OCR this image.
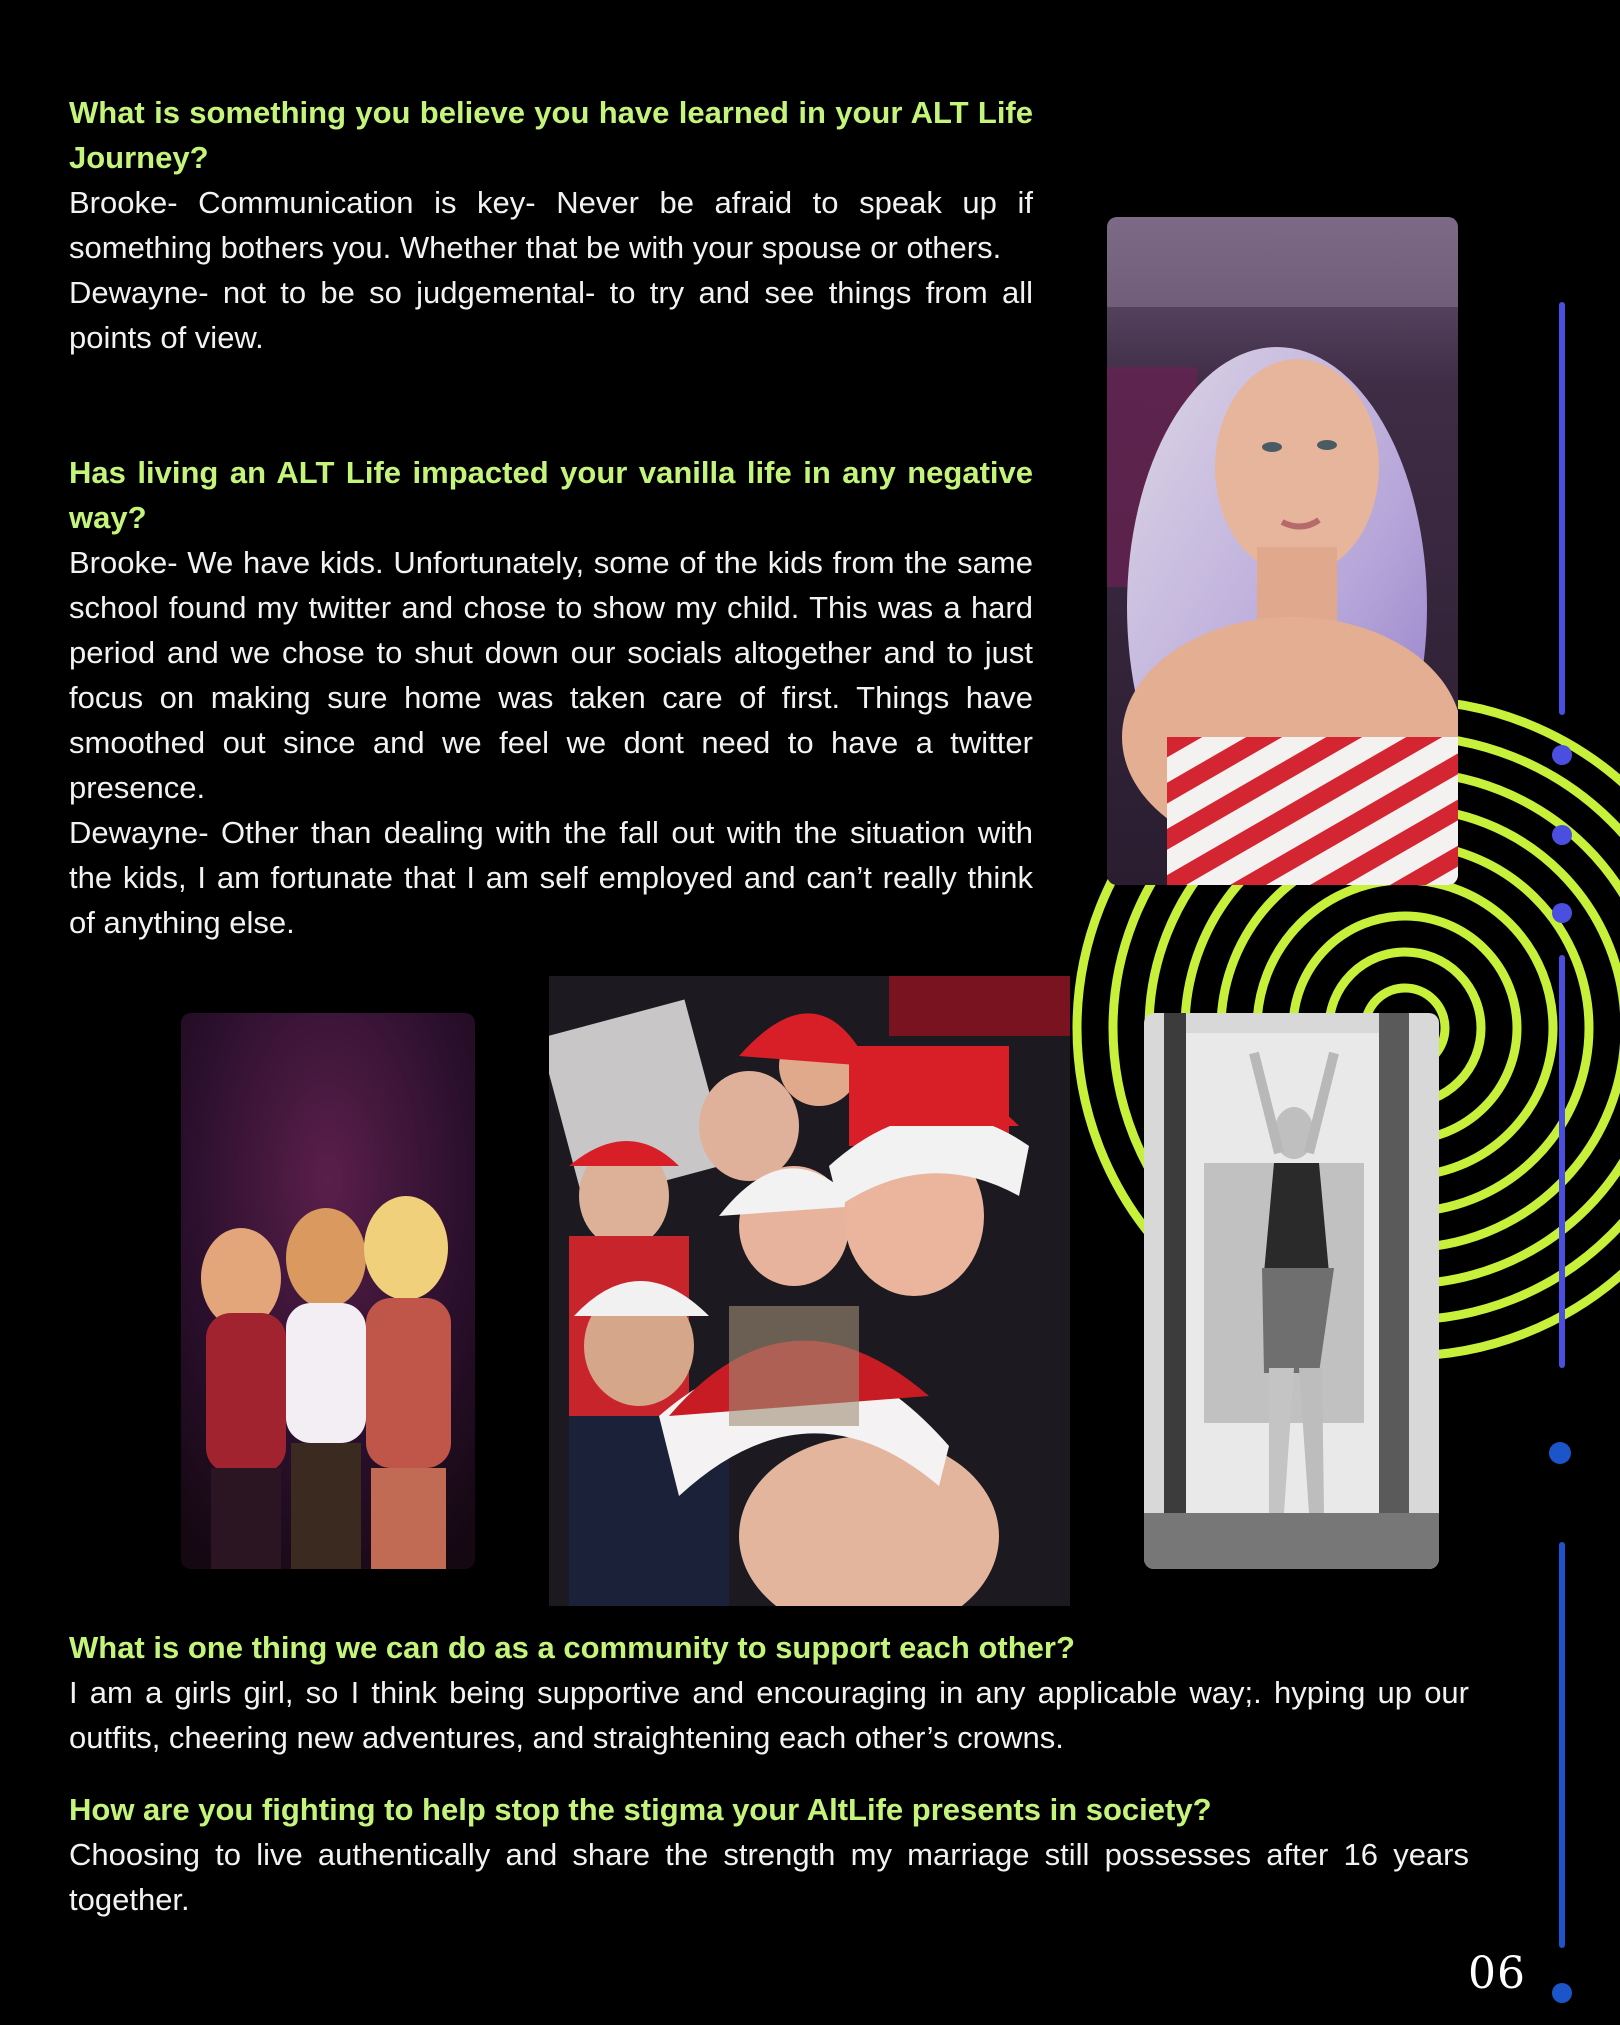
What is something you believe you have learned in your ALT Life Journey?
Brooke- Communication is key- Never be afraid to speak up if something bothers you. Whether that be with your spouse or others.
Dewayne- not to be so judgemental- to try and see things from all points of view.
Has living an ALT Life impacted your vanilla life in any negative way?
Brooke- We have kids. Unfortunately, some of the kids from the same school found my twitter and chose to show my child. This was a hard period and we chose to shut down our socials altogether and to just focus on making sure home was taken care of first. Things have smoothed out since and we feel we dont need to have a twitter presence.
Dewayne- Other than dealing with the fall out with the situation with the kids, I am fortunate that I am self employed and can’t really think of anything else.
What is one thing we can do as a community to support each other?
I am a girls girl, so I think being supportive and encouraging in any applicable way;. hyping up our outfits, cheering new adventures, and straightening each other’s crowns.
How are you fighting to help stop the stigma your AltLife presents in society?
Choosing to live authentically and share the strength my marriage still possesses after 16 years together.
06
